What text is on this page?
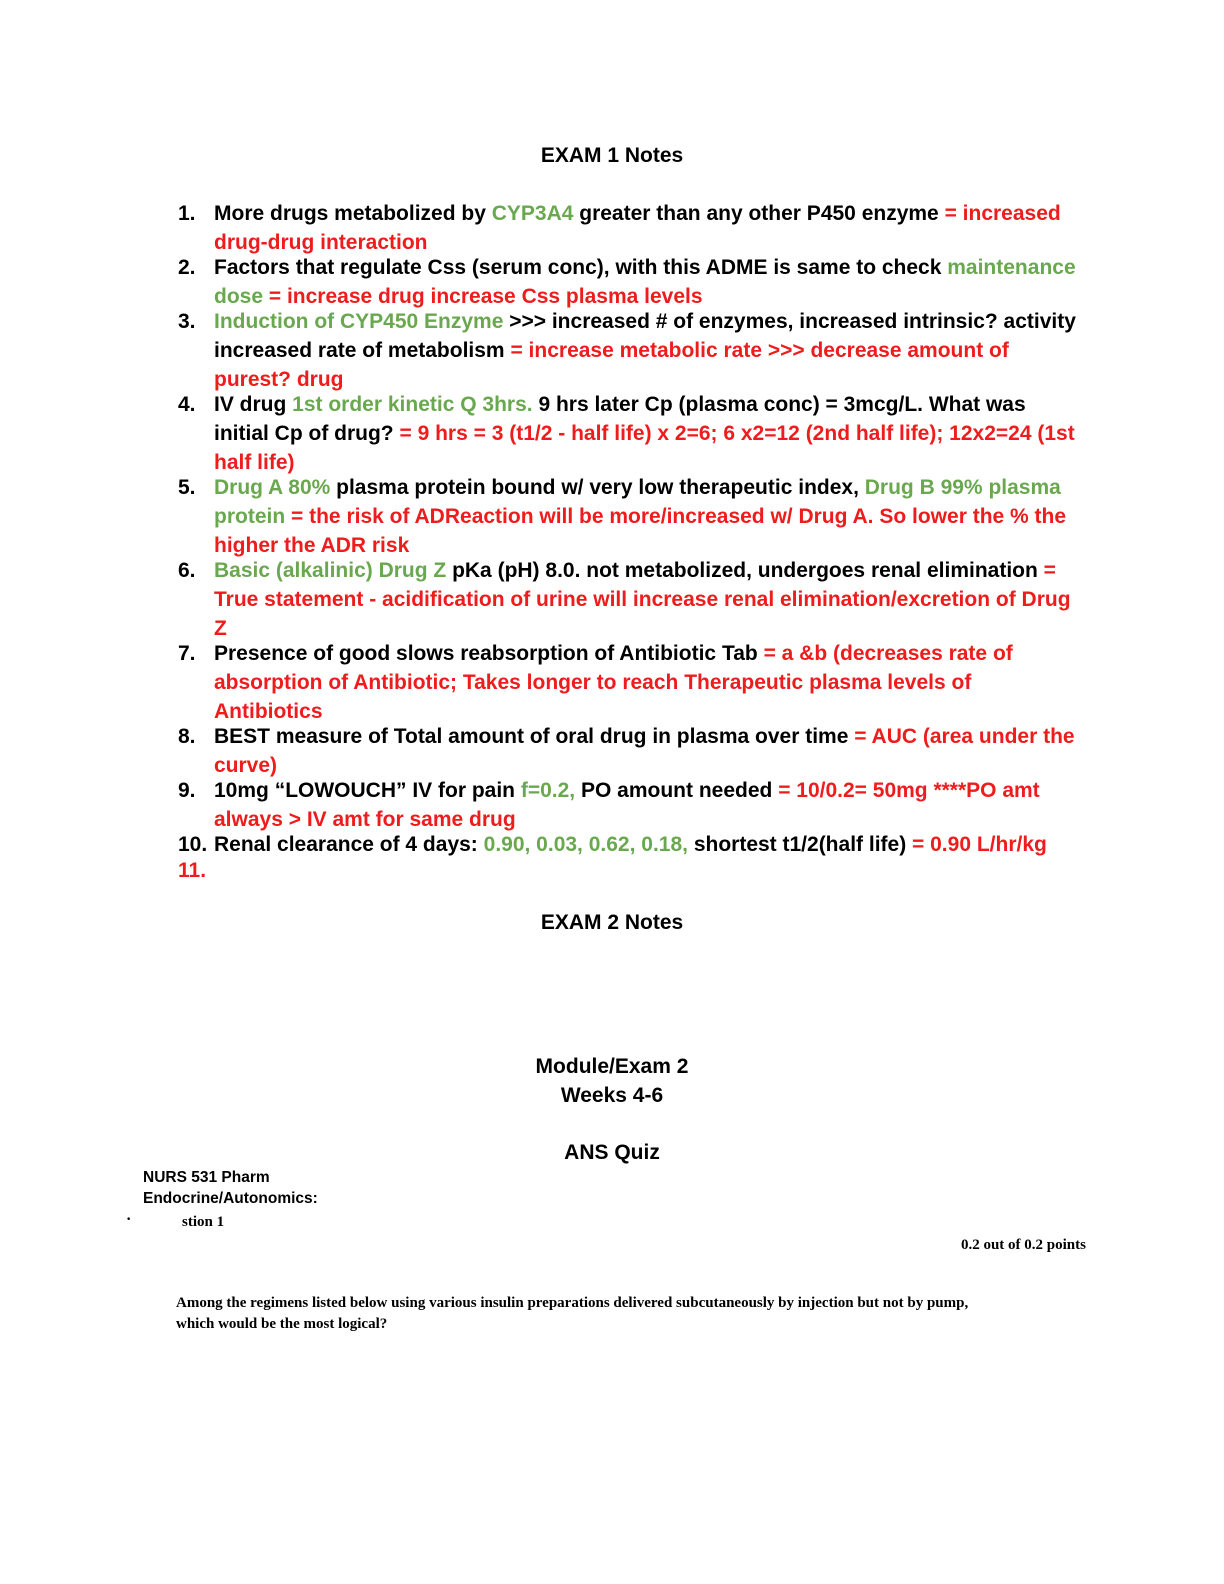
EXAM 1 Notes
1. More drugs metabolized by CYP3A4 greater than any other P450 enzyme = increased drug-drug interaction
2. Factors that regulate Css (serum conc), with this ADME is same to check maintenance dose = increase drug increase Css plasma levels
3. Induction of CYP450 Enzyme >>> increased # of enzymes, increased intrinsic? activity increased rate of metabolism = increase metabolic rate >>> decrease amount of purest? drug
4. IV drug 1st order kinetic Q 3hrs. 9 hrs later Cp (plasma conc) = 3mcg/L. What was initial Cp of drug? = 9 hrs = 3 (t1/2 - half life) x 2=6; 6 x2=12 (2nd half life); 12x2=24 (1st half life)
5. Drug A 80% plasma protein bound w/ very low therapeutic index, Drug B 99% plasma protein = the risk of ADReaction will be more/increased w/ Drug A. So lower the % the higher the ADR risk
6. Basic (alkalinic) Drug Z pKa (pH) 8.0. not metabolized, undergoes renal elimination = True statement - acidification of urine will increase renal elimination/excretion of Drug Z
7. Presence of good slows reabsorption of Antibiotic Tab = a &b (decreases rate of absorption of Antibiotic; Takes longer to reach Therapeutic plasma levels of Antibiotics
8. BEST measure of Total amount of oral drug in plasma over time = AUC (area under the curve)
9. 10mg “LOWOUCH” IV for pain f=0.2, PO amount needed = 10/0.2= 50mg ****PO amt always > IV amt for same drug
10. Renal clearance of 4 days: 0.90, 0.03, 0.62, 0.18, shortest t1/2(half life) = 0.90 L/hr/kg
11.
EXAM 2 Notes
Module/Exam 2
Weeks 4-6
ANS Quiz
NURS 531 Pharm
Endocrine/Autonomics:
·	stion 1
0.2 out of 0.2 points
Among the regimens listed below using various insulin preparations delivered subcutaneously by injection but not by pump, which would be the most logical?
